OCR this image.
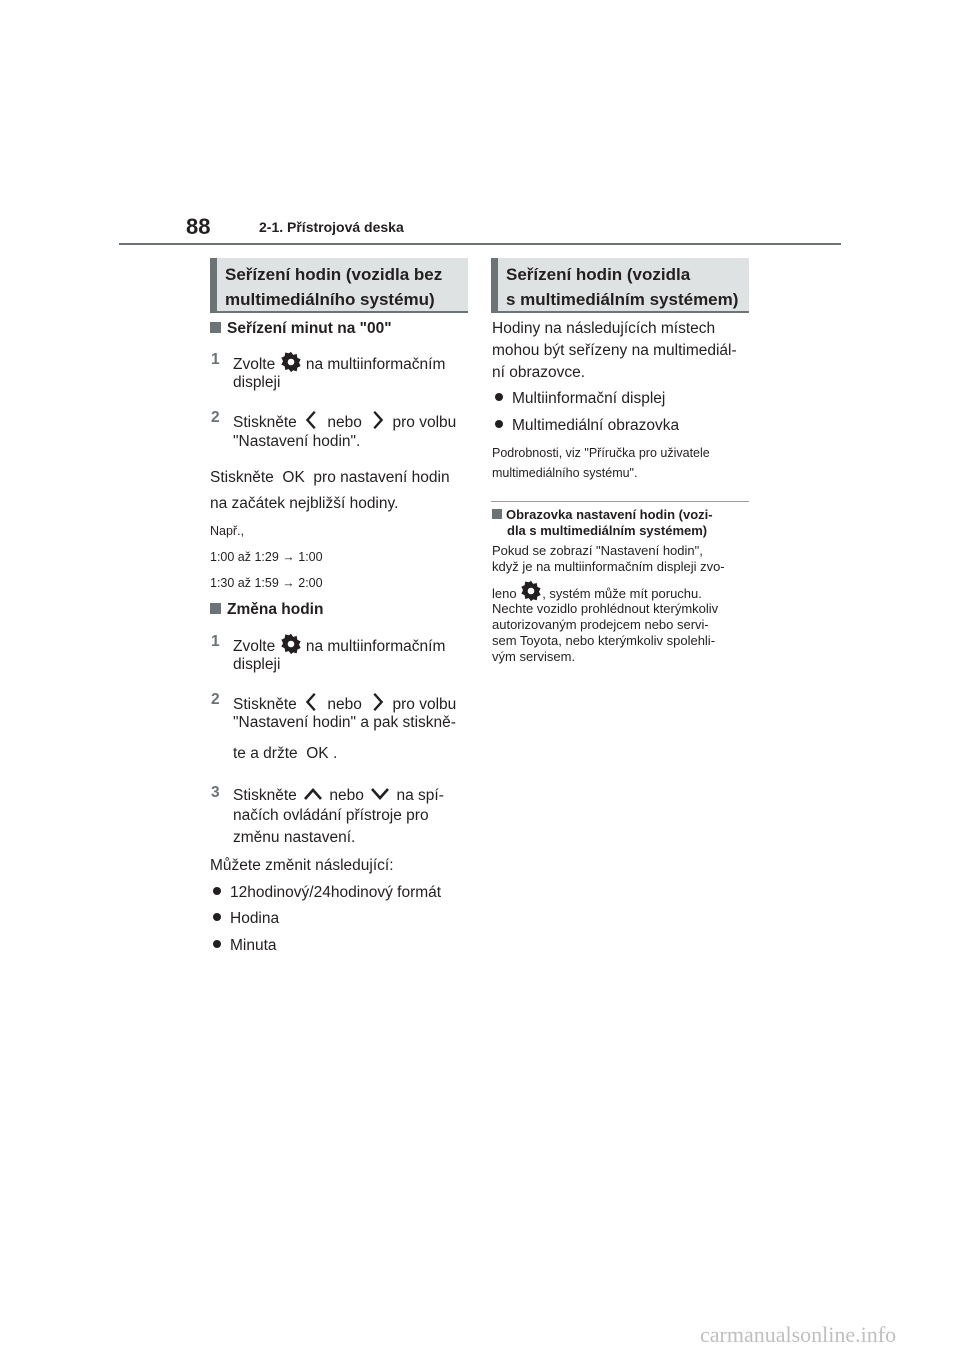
88	2-1. Přístrojová deska
Seřízení hodin (vozidla bez
multimediálního systému)
Seřízení minut na "00"
1 Zvolte na multiinformačním
displeji
2 Stiskněte nebo pro volbu
"Nastavení hodin".
Stiskněte OK pro nastavení hodin
na začátek nejbližší hodiny.
Např.,
1:00 až 1:29 → 1:00
1:30 až 1:59 → 2:00
Změna hodin
1 Zvolte na multiinformačním
displeji
2 Stiskněte nebo pro volbu
"Nastavení hodin" a pak stiskně-
te a držte OK .
3 Stiskněte nebo na spí-
načích ovládání přístroje pro
změnu nastavení.
Můžete změnit následující:
12hodinový/24hodinový formát
Hodina
Minuta
Seřízení hodin (vozidla
s multimediálním systémem)
Hodiny na následujících místech
mohou být seřízeny na multimediál-
ní obrazovce.
Multiinformační displej
Multimediální obrazovka
Podrobnosti, viz "Příručka pro uživatele
multimediálního systému".
Obrazovka nastavení hodin (vozi-
dla s multimediálním systémem)
Pokud se zobrazí "Nastavení hodin",
když je na multiinformačním displeji zvo-
leno , systém může mít poruchu.
Nechte vozidlo prohlédnout kterýmkoliv
autorizovaným prodejcem nebo servi-
sem Toyota, nebo kterýmkoliv spolehli-
vým servisem.
carmanualsonline.info
